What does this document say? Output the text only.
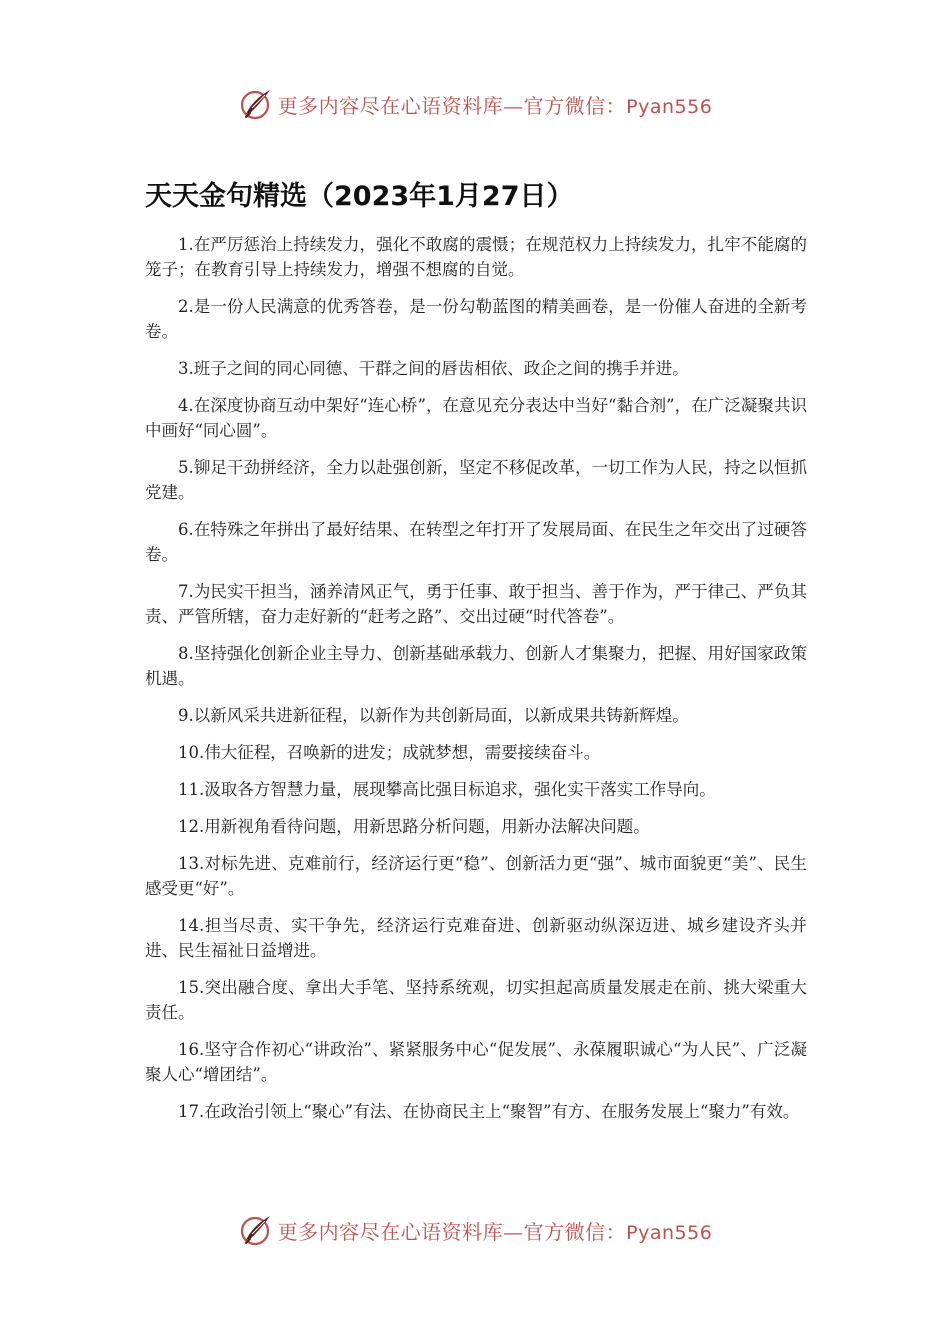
更多内容尽在心语资料库—官方微信：Pyan556
天天金句精选（2023年1月27日）

1.在严厉惩治上持续发力，强化不敢腐的震慑；在规范权力上持续发力，扎牢不能腐的笼子；在教育引导上持续发力，增强不想腐的自觉。

2.是一份人民满意的优秀答卷，是一份勾勒蓝图的精美画卷，是一份催人奋进的全新考卷。

3.班子之间的同心同德、干群之间的唇齿相依、政企之间的携手并进。

4.在深度协商互动中架好“连心桥”，在意见充分表达中当好“黏合剂”，在广泛凝聚共识中画好“同心圆”。

5.铆足干劲拼经济，全力以赴强创新，坚定不移促改革，一切工作为人民，持之以恒抓党建。

6.在特殊之年拼出了最好结果、在转型之年打开了发展局面、在民生之年交出了过硬答卷。

7.为民实干担当，涵养清风正气，勇于任事、敢于担当、善于作为，严于律己、严负其责、严管所辖，奋力走好新的“赶考之路”、交出过硬“时代答卷”。

8.坚持强化创新企业主导力、创新基础承载力、创新人才集聚力，把握、用好国家政策机遇。

9.以新风采共进新征程，以新作为共创新局面，以新成果共铸新辉煌。

10.伟大征程，召唤新的进发；成就梦想，需要接续奋斗。

11.汲取各方智慧力量，展现攀高比强目标追求，强化实干落实工作导向。

12.用新视角看待问题，用新思路分析问题，用新办法解决问题。

13.对标先进、克难前行，经济运行更“稳”、创新活力更“强”、城市面貌更“美”、民生感受更“好”。

14.担当尽责、实干争先，经济运行克难奋进、创新驱动纵深迈进、城乡建设齐头并进、民生福祉日益增进。

15.突出融合度、拿出大手笔、坚持系统观，切实担起高质量发展走在前、挑大梁重大责任。

16.坚守合作初心“讲政治”、紧紧服务中心“促发展”、永葆履职诚心“为人民”、广泛凝聚人心“增团结”。

17.在政治引领上“聚心”有法、在协商民主上“聚智”有方、在服务发展上“聚力”有效。

更多内容尽在心语资料库—官方微信：Pyan556
